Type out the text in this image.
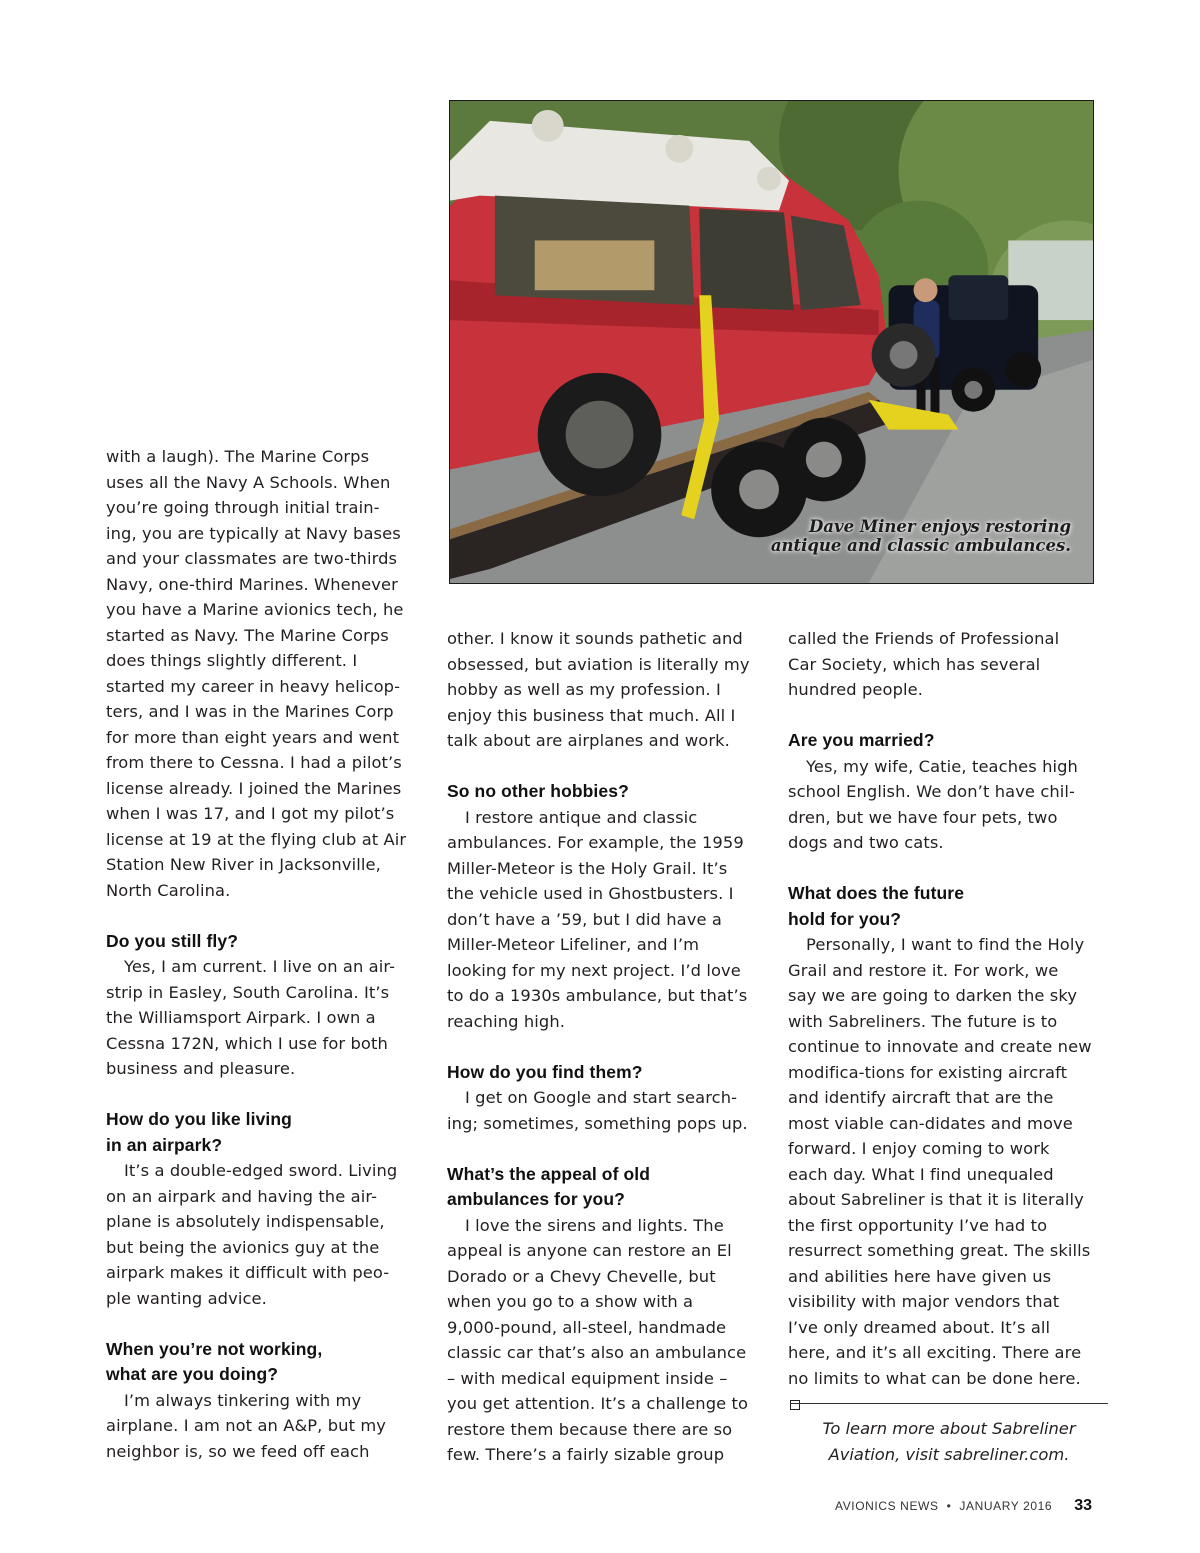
Dave Miner enjoys restoring
antique and classic ambulances.

with a laugh). The Marine Corps uses all the Navy A Schools. When you’re going through initial train-ing, you are typically at Navy bases and your classmates are two-thirds Navy, one-third Marines. Whenever you have a Marine avionics tech, he started as Navy. The Marine Corps does things slightly different. I started my career in heavy helicop-ters, and I was in the Marines Corp for more than eight years and went from there to Cessna. I had a pilot’s license already. I joined the Marines when I was 17, and I got my pilot’s license at 19 at the flying club at Air Station New River in Jacksonville, North Carolina.

Do you still fly?

Yes, I am current. I live on an air-strip in Easley, South Carolina. It’s the Williamsport Airpark. I own a Cessna 172N, which I use for both business and pleasure.

How do you like living
in an airpark?

It’s a double-edged sword. Living on an airpark and having the air-plane is absolutely indispensable, but being the avionics guy at the airpark makes it difficult with peo-ple wanting advice.

When you’re not working,
what are you doing?

I’m always tinkering with my airplane. I am not an A&P, but my neighbor is, so we feed off each

other. I know it sounds pathetic and obsessed, but aviation is literally my hobby as well as my profession. I enjoy this business that much. All I talk about are airplanes and work.

So no other hobbies?

I restore antique and classic ambulances. For example, the 1959 Miller-Meteor is the Holy Grail. It’s the vehicle used in Ghostbusters. I don’t have a ’59, but I did have a Miller-Meteor Lifeliner, and I’m looking for my next project. I’d love to do a 1930s ambulance, but that’s reaching high.

How do you find them?

I get on Google and start search-ing; sometimes, something pops up.

What’s the appeal of old
ambulances for you?

I love the sirens and lights. The appeal is anyone can restore an El Dorado or a Chevy Chevelle, but when you go to a show with a 9,000-pound, all-steel, handmade classic car that’s also an ambulance – with medical equipment inside – you get attention. It’s a challenge to restore them because there are so few. There’s a fairly sizable group

called the Friends of Professional Car Society, which has several hundred people.

Are you married?

Yes, my wife, Catie, teaches high school English. We don’t have chil-dren, but we have four pets, two dogs and two cats.

What does the future
hold for you?

Personally, I want to find the Holy Grail and restore it. For work, we say we are going to darken the sky with Sabreliners. The future is to continue to innovate and create new modifica-tions for existing aircraft and identify aircraft that are the most viable can-didates and move forward. I enjoy coming to work each day. What I find unequaled about Sabreliner is that it is literally the first opportunity I’ve had to resurrect something great. The skills and abilities here have given us visibility with major vendors that I’ve only dreamed about. It’s all here, and it’s all exciting. There are no limits to what can be done here.

To learn more about Sabreliner
Aviation, visit sabreliner.com.
AVIONICS NEWS • JANUARY 2016 33
